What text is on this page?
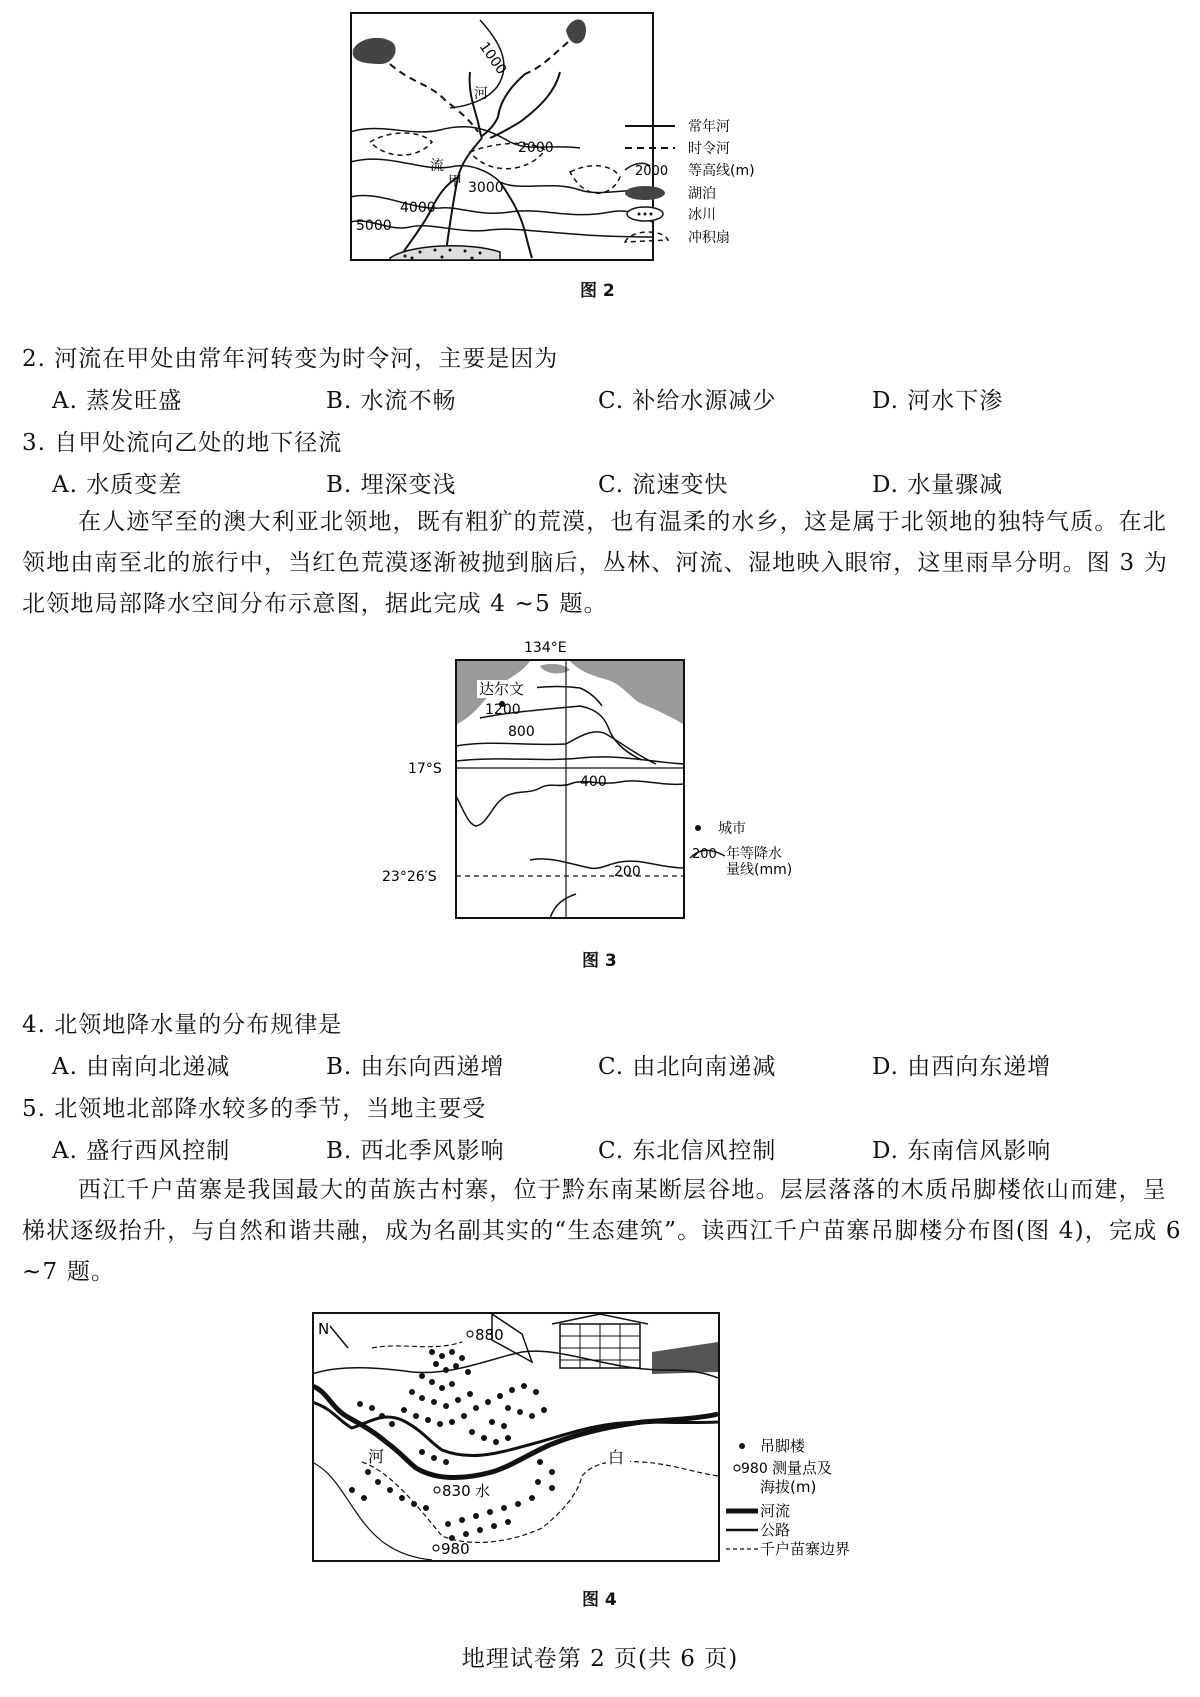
1000
河
流
甲
2000
3000
4000
5000
常年河
时令河
2000 等高线(m)
湖泊
冰川
冲积扇
图 2
2. 河流在甲处由常年河转变为时令河，主要是因为
A. 蒸发旺盛	B. 水流不畅	C. 补给水源减少	D. 河水下渗
3. 自甲处流向乙处的地下径流
A. 水质变差	B. 埋深变浅	C. 流速变快	D. 水量骤减
在人迹罕至的澳大利亚北领地，既有粗犷的荒漠，也有温柔的水乡，这是属于北领地的独特气质。在北领地由南至北的旅行中，当红色荒漠逐渐被抛到脑后，丛林、河流、湿地映入眼帘，这里雨旱分明。图 3 为北领地局部降水空间分布示意图，据此完成 4 ~5 题。
134°E
达尔文
1200
800
400
200
17°S
23°26′S
城市
200 年等降水
量线(mm)
图 3
4. 北领地降水量的分布规律是
A. 由南向北递减	B. 由东向西递增	C. 由北向南递减	D. 由西向东递增
5. 北领地北部降水较多的季节，当地主要受
A. 盛行西风控制	B. 西北季风影响	C. 东北信风控制	D. 东南信风影响
西江千户苗寨是我国最大的苗族古村寨，位于黔东南某断层谷地。层层落落的木质吊脚楼依山而建，呈梯状逐级抬升，与自然和谐共融，成为名副其实的“生态建筑”。读西江千户苗寨吊脚楼分布图(图 4)，完成 6 ~7 题。
N	880
830 水
980
白
河
吊脚楼
980 测量点及
海拔(m)
河流
公路
千户苗寨边界
图 4
地理试卷第 2 页(共 6 页)
